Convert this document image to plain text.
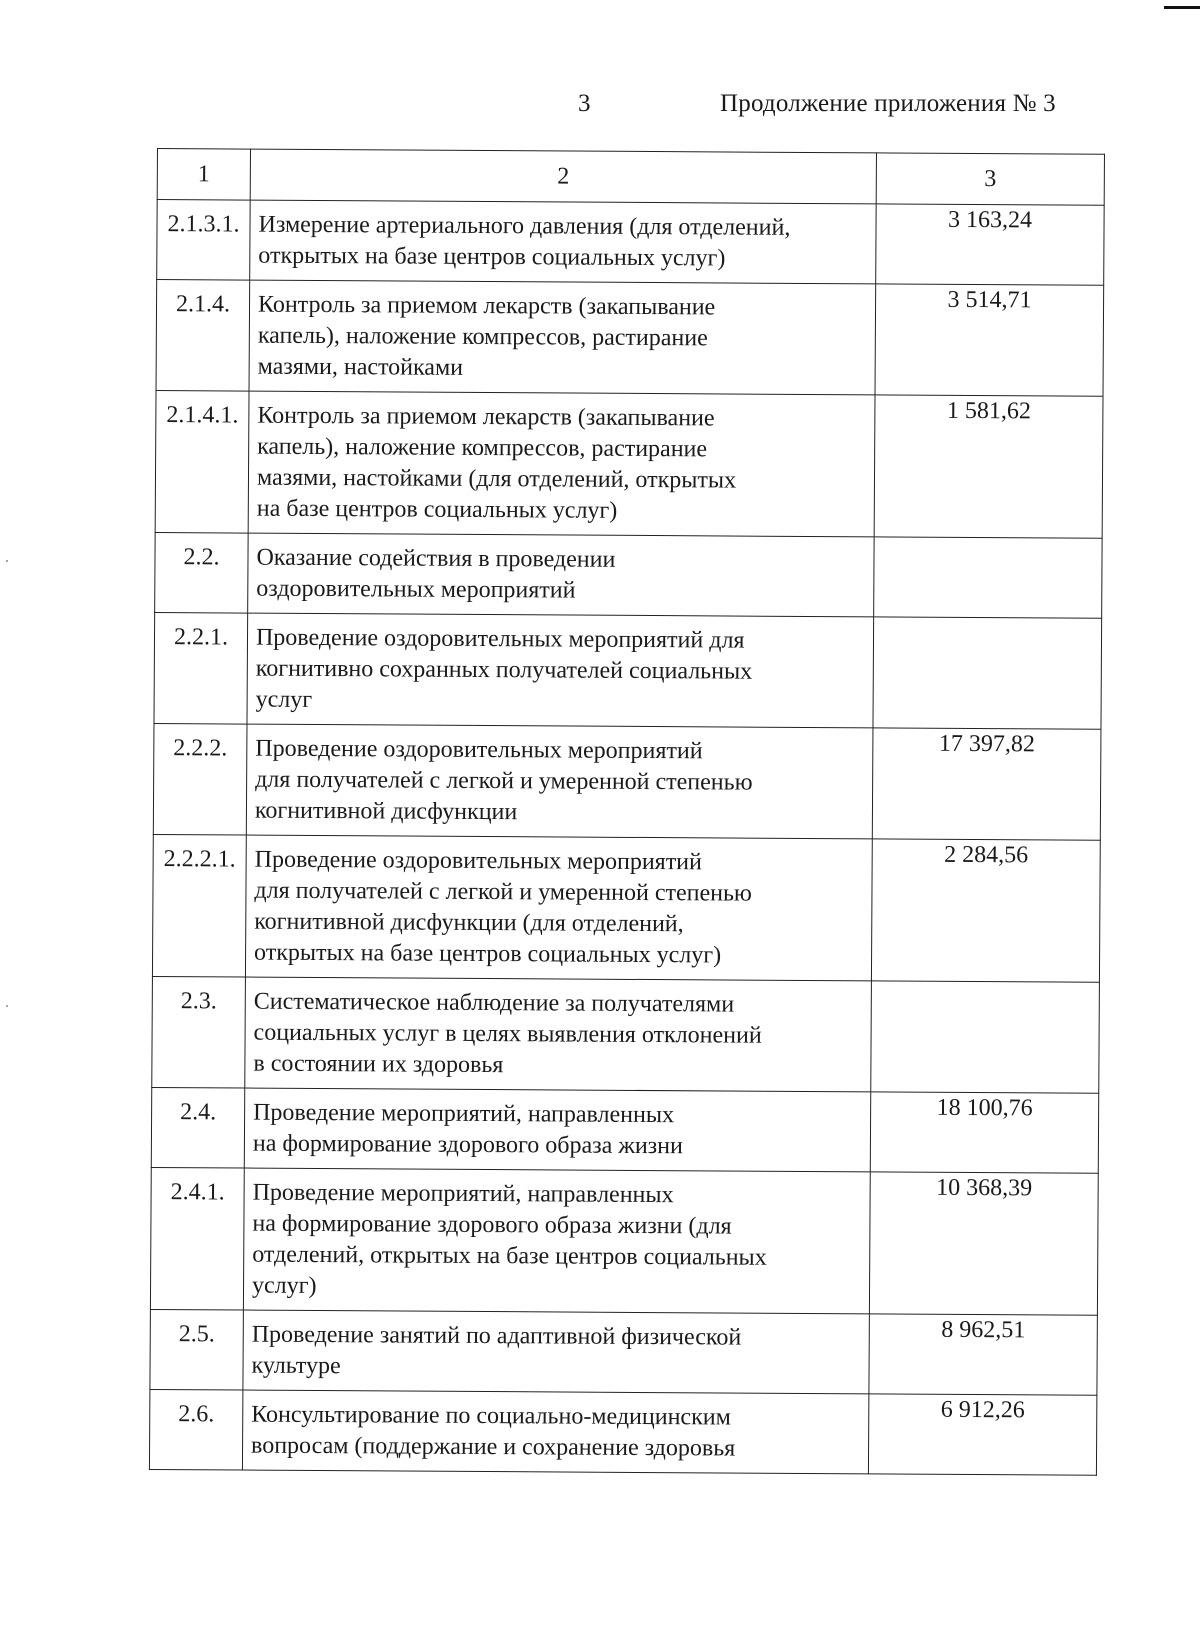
3	Продолжение приложения № 3
1	2	3
2.1.3.1.	Измерение артериального давления (для отделений,
открытых на базе центров социальных услуг)	3 163,24
2.1.4.	Контроль за приемом лекарств (закапывание
капель), наложение компрессов, растирание
мазями, настойками	3 514,71
2.1.4.1.	Контроль за приемом лекарств (закапывание
капель), наложение компрессов, растирание
мазями, настойками (для отделений, открытых
на базе центров социальных услуг)	1 581,62
2.2.	Оказание содействия в проведении
оздоровительных мероприятий	

2.2.1.	Проведение оздоровительных мероприятий для
когнитивно сохранных получателей социальных
услуг	

2.2.2.	Проведение оздоровительных мероприятий
для получателей с легкой и умеренной степенью
когнитивной дисфункции	17 397,82
2.2.2.1.	Проведение оздоровительных мероприятий
для получателей с легкой и умеренной степенью
когнитивной дисфункции (для отделений,
открытых на базе центров социальных услуг)	2 284,56
2.3.	Систематическое наблюдение за получателями
социальных услуг в целях выявления отклонений
в состоянии их здоровья	

2.4.	Проведение мероприятий, направленных
на формирование здорового образа жизни	18 100,76
2.4.1.	Проведение мероприятий, направленных
на формирование здорового образа жизни (для
отделений, открытых на базе центров социальных
услуг)	10 368,39
2.5.	Проведение занятий по адаптивной физической
культуре	8 962,51
2.6.	Консультирование по социально-медицинским
вопросам (поддержание и сохранение здоровья	6 912,26
